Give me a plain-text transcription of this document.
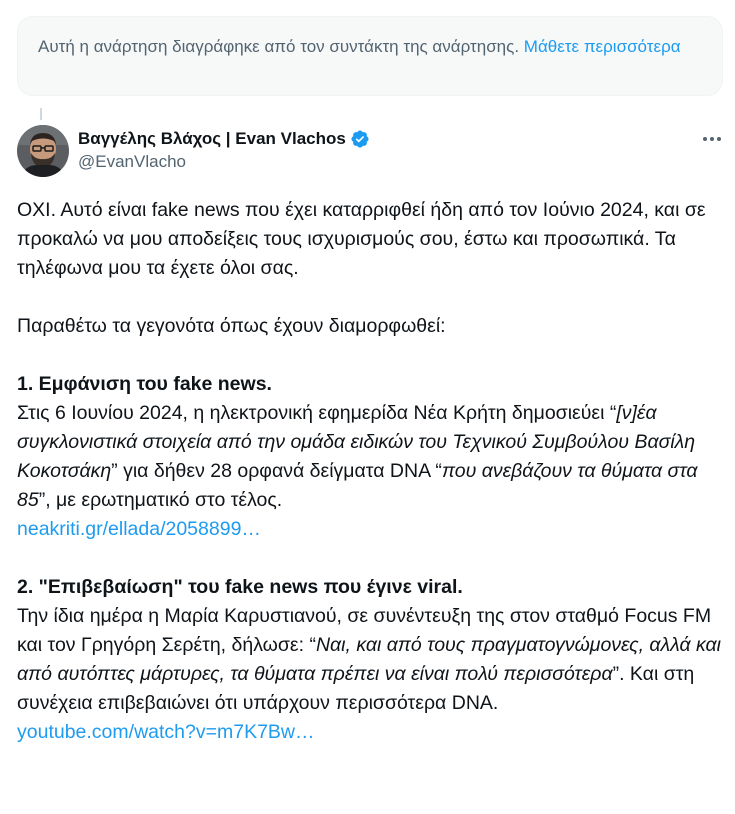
Αυτή η ανάρτηση διαγράφηκε από τον συντάκτη της ανάρτησης. Μάθετε περισσότερα
Βαγγέλης Βλάχος | Evan Vlachos
@EvanVlacho

ΟΧΙ. Αυτό είναι fake news που έχει καταρριφθεί ήδη από τον Ιούνιο 2024, και σε προκαλώ να μου αποδείξεις τους ισχυρισμούς σου, έστω και προσωπικά. Τα τηλέφωνα μου τα έχετε όλοι σας.

Παραθέτω τα γεγονότα όπως έχουν διαμορφωθεί:

1. Εμφάνιση του fake news.

Στις 6 Ιουνίου 2024, η ηλεκτρονική εφημερίδα Νέα Κρήτη δημοσιεύει “[ν]έα συγκλονιστικά στοιχεία από την ομάδα ειδικών του Τεχνικού Συμβούλου Βασίλη Κοκοτσάκη” για δήθεν 28 ορφανά δείγματα DNA “που ανεβάζουν τα θύματα στα 85”, με ερωτηματικό στο τέλος.

neakriti.gr/ellada/2058899…

2. "Επιβεβαίωση" του fake news που έγινε viral.

Την ίδια ημέρα η Μαρία Καρυστιανού, σε συνέντευξη της στον σταθμό Focus FM και τον Γρηγόρη Σερέτη, δήλωσε: “Ναι, και από τους πραγματογνώμονες, αλλά και από αυτόπτες μάρτυρες, τα θύματα πρέπει να είναι πολύ περισσότερα”. Και στη συνέχεια επιβεβαιώνει ότι υπάρχουν περισσότερα DNA.

youtube.com/watch?v=m7K7Bw…
